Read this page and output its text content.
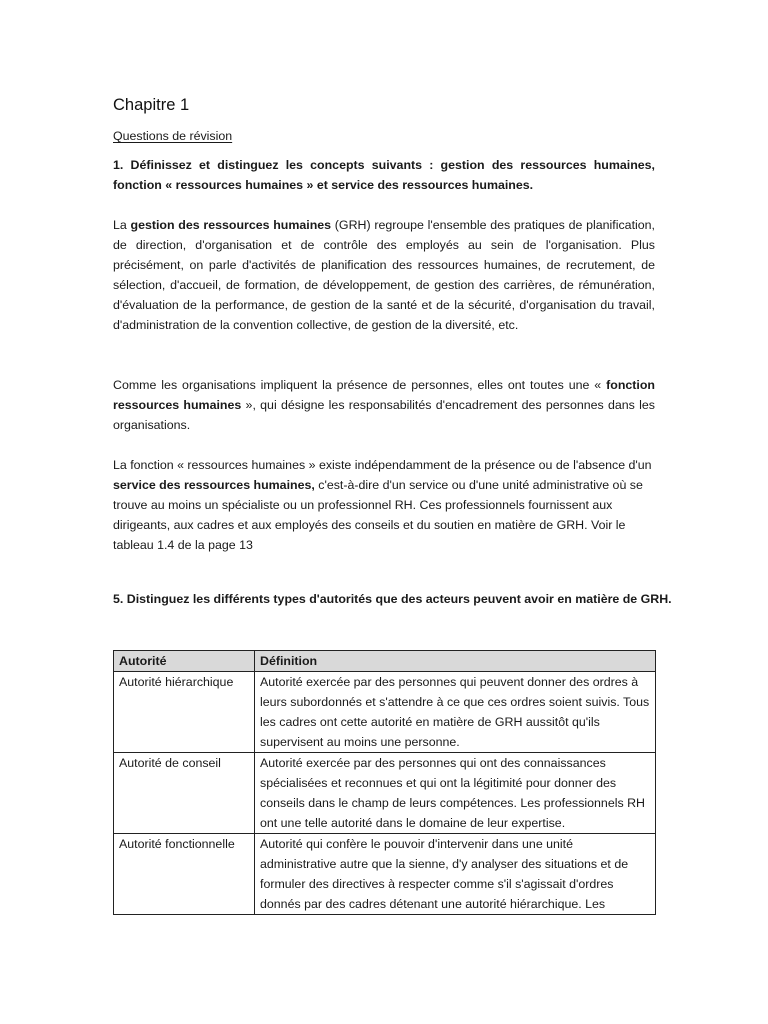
Chapitre 1
Questions de révision
1. Définissez et distinguez les concepts suivants : gestion des ressources humaines, fonction « ressources humaines » et service des ressources humaines.
La gestion des ressources humaines (GRH) regroupe l'ensemble des pratiques de planification, de direction, d'organisation et de contrôle des employés au sein de l'organisation. Plus précisément, on parle d'activités de planification des ressources humaines, de recrutement, de sélection, d'accueil, de formation, de développement, de gestion des carrières, de rémunération, d'évaluation de la performance, de gestion de la santé et de la sécurité, d'organisation du travail, d'administration de la convention collective, de gestion de la diversité, etc.
Comme les organisations impliquent la présence de personnes, elles ont toutes une « fonction ressources humaines », qui désigne les responsabilités d'encadrement des personnes dans les organisations.
La fonction « ressources humaines » existe indépendamment de la présence ou de l'absence d'un service des ressources humaines, c'est-à-dire d'un service ou d'une unité administrative où se trouve au moins un spécialiste ou un professionnel RH. Ces professionnels fournissent aux dirigeants, aux cadres et aux employés des conseils et du soutien en matière de GRH. Voir le tableau 1.4 de la page 13
5. Distinguez les différents types d'autorités que des acteurs peuvent avoir en matière de GRH.
Autorité	Définition
Autorité hiérarchique	Autorité exercée par des personnes qui peuvent donner des ordres à leurs subordonnés et s'attendre à ce que ces ordres soient suivis. Tous les cadres ont cette autorité en matière de GRH aussitôt qu'ils supervisent au moins une personne.
Autorité de conseil	Autorité exercée par des personnes qui ont des connaissances spécialisées et reconnues et qui ont la légitimité pour donner des conseils dans le champ de leurs compétences. Les professionnels RH ont une telle autorité dans le domaine de leur expertise.
Autorité fonctionnelle	Autorité qui confère le pouvoir d'intervenir dans une unité administrative autre que la sienne, d'y analyser des situations et de formuler des directives à respecter comme s'il s'agissait d'ordres donnés par des cadres détenant une autorité hiérarchique. Les
